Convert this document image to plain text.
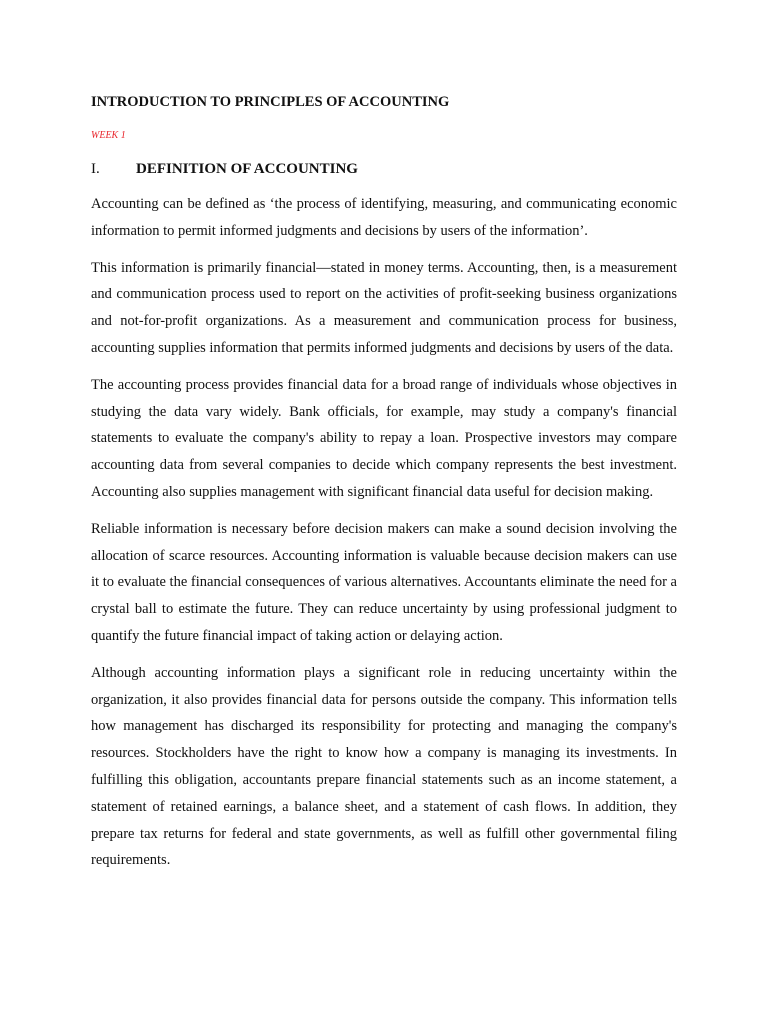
INTRODUCTION TO PRINCIPLES OF ACCOUNTING

WEEK 1

I.	DEFINITION OF ACCOUNTING

Accounting can be defined as ‘the process of identifying, measuring, and communicating economic information to permit informed judgments and decisions by users of the information’.

This information is primarily financial—stated in money terms. Accounting, then, is a measurement and communication process used to report on the activities of profit-seeking business organizations and not-for-profit organizations. As a measurement and communication process for business, accounting supplies information that permits informed judgments and decisions by users of the data.

The accounting process provides financial data for a broad range of individuals whose objectives in studying the data vary widely. Bank officials, for example, may study a company's financial statements to evaluate the company's ability to repay a loan. Prospective investors may compare accounting data from several companies to decide which company represents the best investment. Accounting also supplies management with significant financial data useful for decision making.

Reliable information is necessary before decision makers can make a sound decision involving the allocation of scarce resources. Accounting information is valuable because decision makers can use it to evaluate the financial consequences of various alternatives. Accountants eliminate the need for a crystal ball to estimate the future. They can reduce uncertainty by using professional judgment to quantify the future financial impact of taking action or delaying action.

Although accounting information plays a significant role in reducing uncertainty within the organization, it also provides financial data for persons outside the company. This information tells how management has discharged its responsibility for protecting and managing the company's resources. Stockholders have the right to know how a company is managing its investments. In fulfilling this obligation, accountants prepare financial statements such as an income statement, a statement of retained earnings, a balance sheet, and a statement of cash flows. In addition, they prepare tax returns for federal and state governments, as well as fulfill other governmental filing requirements.
